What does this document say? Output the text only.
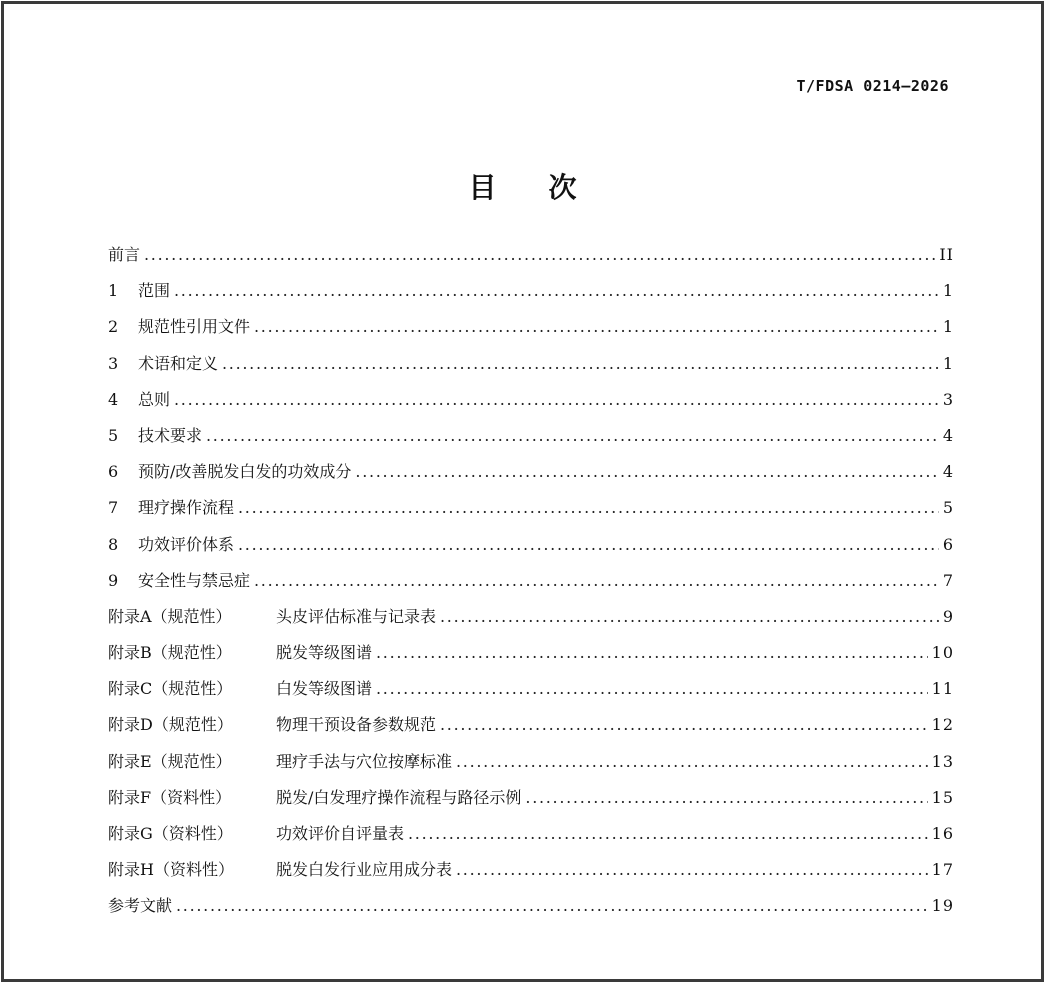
T/FDSA 0214—2026
目次
前言 .....	II
1	范围 .....	1
2	规范性引用文件 .....	1
3	术语和定义 .....	1
4	总则 .....	3
5	技术要求 .....	4
6	预防/改善脱发白发的功效成分 .....	4
7	理疗操作流程 .....	5
8	功效评价体系 .....	6
9	安全性与禁忌症 .....	7
附录A（规范性）	头皮评估标准与记录表 .....	9
附录B（规范性）	脱发等级图谱 .....	10
附录C（规范性）	白发等级图谱 .....	11
附录D（规范性）	物理干预设备参数规范 .....	12
附录E（规范性）	理疗手法与穴位按摩标准 .....	13
附录F（资料性）	脱发/白发理疗操作流程与路径示例 .....	15
附录G（资料性）	功效评价自评量表 .....	16
附录H（资料性）	脱发白发行业应用成分表 .....	17
参考文献 .....	19
